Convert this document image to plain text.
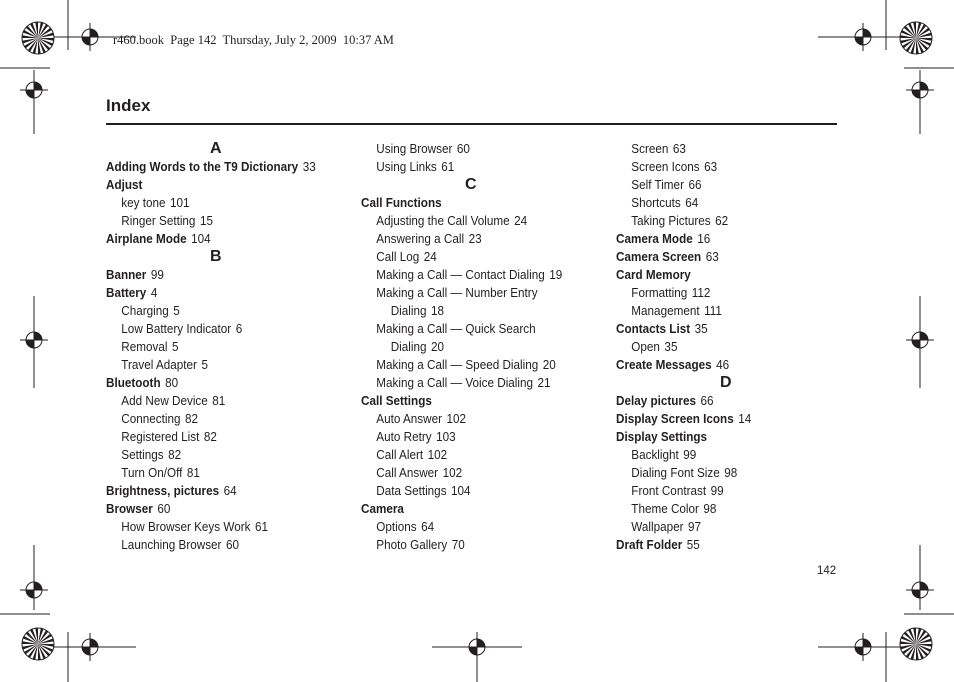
r460.book  Page 142  Thursday, July 2, 2009  10:37 AM
Index
A
Adding Words to the T9 Dictionary 33
Adjust
key tone 101
Ringer Setting 15
Airplane Mode 104
B
Banner 99
Battery 4
Charging 5
Low Battery Indicator 6
Removal 5
Travel Adapter 5
Bluetooth 80
Add New Device 81
Connecting 82
Registered List 82
Settings 82
Turn On/Off 81
Brightness, pictures 64
Browser 60
How Browser Keys Work 61
Launching Browser 60
Using Browser 60
Using Links 61
C
Call Functions
Adjusting the Call Volume 24
Answering a Call 23
Call Log 24
Making a Call — Contact Dialing 19
Making a Call — Number Entry
Dialing 18
Making a Call — Quick Search
Dialing 20
Making a Call — Speed Dialing 20
Making a Call — Voice Dialing 21
Call Settings
Auto Answer 102
Auto Retry 103
Call Alert 102
Call Answer 102
Data Settings 104
Camera
Options 64
Photo Gallery 70
Screen 63
Screen Icons 63
Self Timer 66
Shortcuts 64
Taking Pictures 62
Camera Mode 16
Camera Screen 63
Card Memory
Formatting 112
Management 111
Contacts List 35
Open 35
Create Messages 46
D
Delay pictures 66
Display Screen Icons 14
Display Settings
Backlight 99
Dialing Font Size 98
Front Contrast 99
Theme Color 98
Wallpaper 97
Draft Folder 55
142
